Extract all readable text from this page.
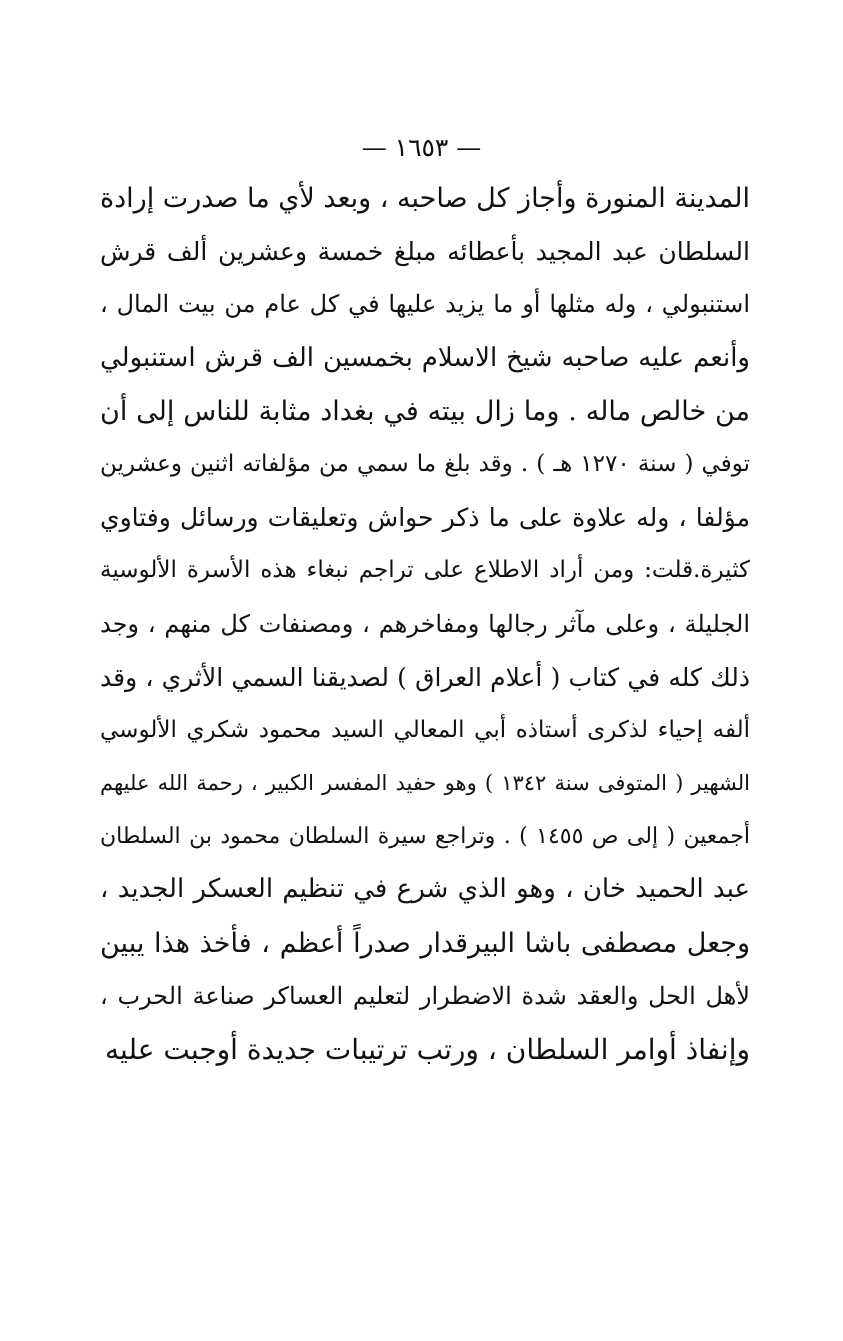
— ١٦٥٣ —
المدينة المنورة وأجاز كل صاحبه ، وبعد لأي ما صدرت إرادة
السلطان عبد المجيد بأعطائه مبلغ خمسة وعشرين ألف قرش
استنبولي ، وله مثلها أو ما يزيد عليها في كل عام من بيت المال ،
وأنعم عليه صاحبه شيخ الاسلام بخمسين الف قرش استنبولي
من خالص ماله . وما زال بيته في بغداد مثابة للناس إلى أن
توفي ( سنة ١٢٧٠ هـ ) . وقد بلغ ما سمي من مؤلفاته اثنين وعشرين
مؤلفا ، وله علاوة على ما ذكر حواش وتعليقات ورسائل وفتاوي
كثيرة.قلت: ومن أراد الاطلاع على تراجم نبغاء هذه الأسرة الألوسية
الجليلة ، وعلى مآثر رجالها ومفاخرهم ، ومصنفات كل منهم ، وجد
ذلك كله في كتاب ( أعلام العراق ) لصديقنا السمي الأثري ، وقد
ألفه إحياء لذكرى أستاذه أبي المعالي السيد محمود شكري الألوسي
الشهير ( المتوفى سنة ١٣٤٢ ) وهو حفيد المفسر الكبير ، رحمة الله عليهم
أجمعين ( إلى ص ١٤٥٥ ) . وتراجع سيرة السلطان محمود بن السلطان
عبد الحميد خان ، وهو الذي شرع في تنظيم العسكر الجديد ،
وجعل مصطفى باشا البيرقدار صدراً أعظم ، فأخذ هذا يبين
لأهل الحل والعقد شدة الاضطرار لتعليم العساكر صناعة الحرب ،
وإنفاذ أوامر السلطان ، ورتب ترتيبات جديدة أوجبت عليه
